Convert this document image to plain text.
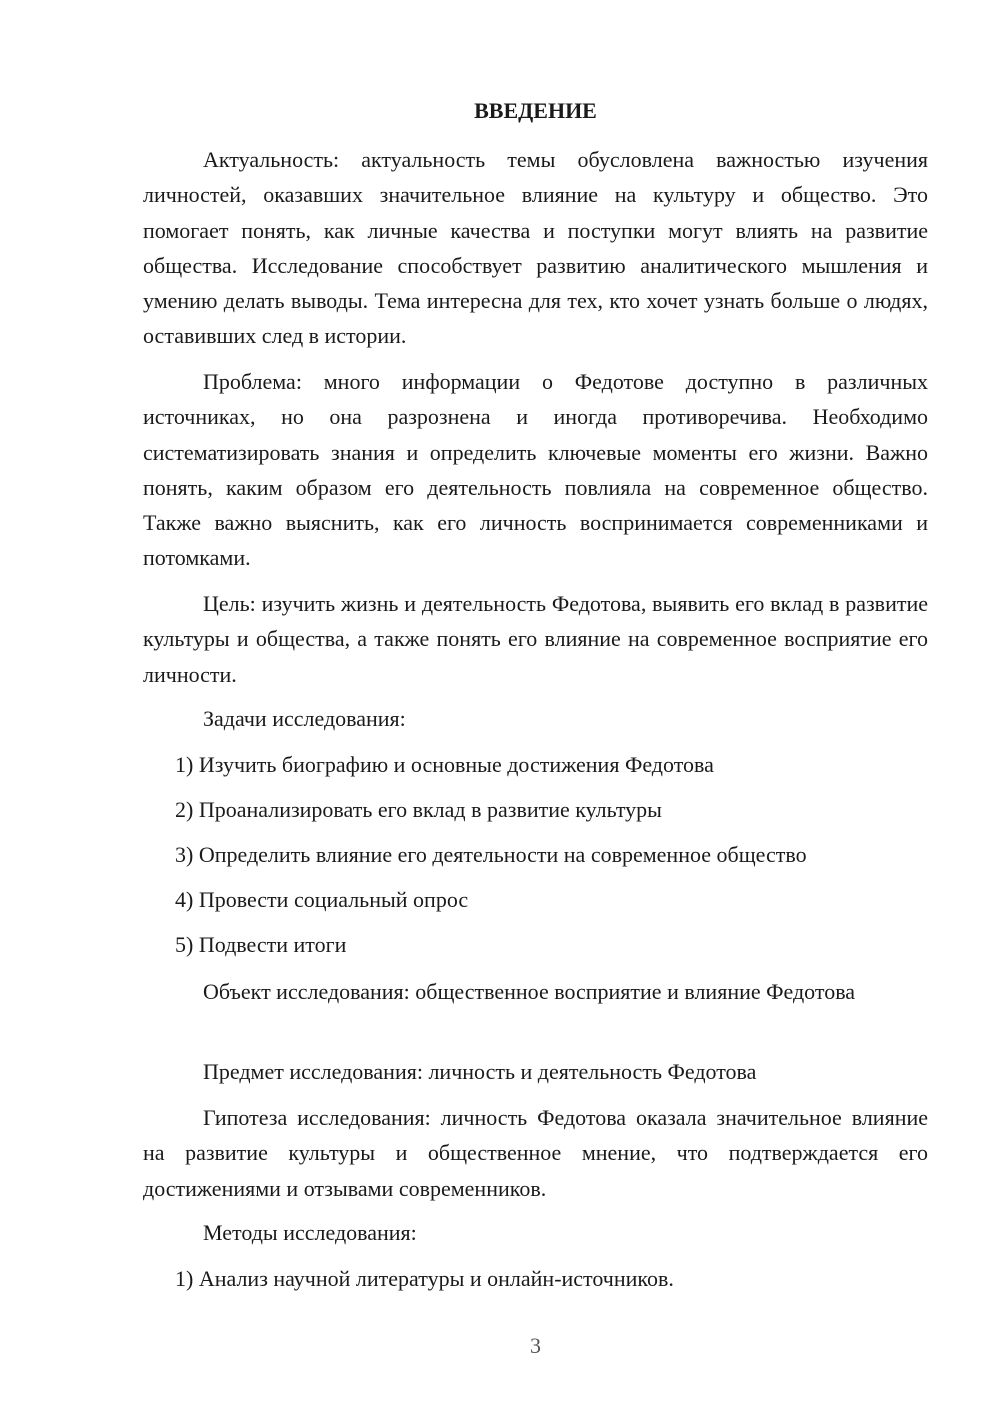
ВВЕДЕНИЕ

Актуальность: актуальность темы обусловлена важностью изучения личностей, оказавших значительное влияние на культуру и общество. Это помогает понять, как личные качества и поступки могут влиять на развитие общества. Исследование способствует развитию аналитического мышления и умению делать выводы. Тема интересна для тех, кто хочет узнать больше о людях, оставивших след в истории.

Проблема: много информации о Федотове доступно в различных источниках, но она разрознена и иногда противоречива. Необходимо систематизировать знания и определить ключевые моменты его жизни. Важно понять, каким образом его деятельность повлияла на современное общество. Также важно выяснить, как его личность воспринимается современниками и потомками.

Цель: изучить жизнь и деятельность Федотова, выявить его вклад в развитие культуры и общества, а также понять его влияние на современное восприятие его личности.

Задачи исследования:

1) Изучить биографию и основные достижения Федотова

2) Проанализировать его вклад в развитие культуры

3) Определить влияние его деятельности на современное общество

4) Провести социальный опрос

5) Подвести итоги

Объект исследования: общественное восприятие и влияние Федотова

Предмет исследования: личность и деятельность Федотова

Гипотеза исследования: личность Федотова оказала значительное влияние на развитие культуры и общественное мнение, что подтверждается его достижениями и отзывами современников.

Методы исследования:

1) Анализ научной литературы и онлайн-источников.

3
